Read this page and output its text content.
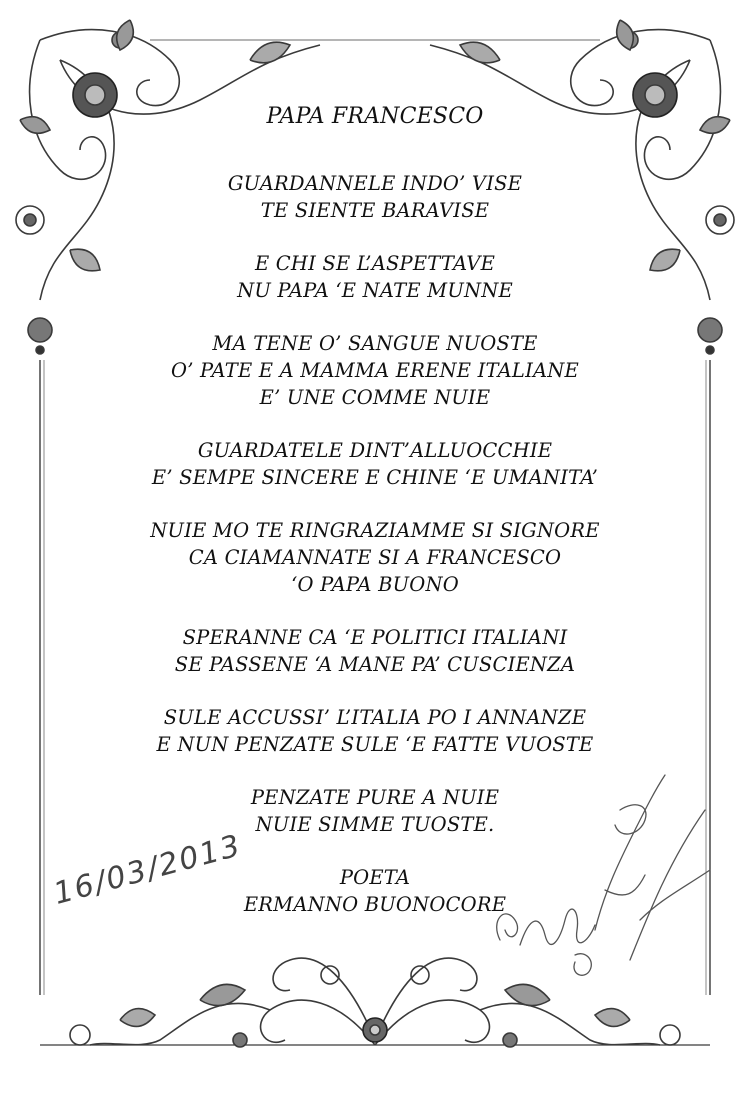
PAPA FRANCESCO
GUARDANNELE INDO’ VISE
TE SIENTE BARAVISE
E CHI SE L’ASPETTAVE
NU PAPA ‘E NATE MUNNE
MA TENE O’ SANGUE NUOSTE
O’ PATE E A MAMMA ERENE ITALIANE
E’ UNE COMME NUIE
GUARDATELE DINT’ALLUOCCHIE
E’ SEMPE SINCERE E CHINE ‘E UMANITA’
NUIE MO TE RINGRAZIAMME SI SIGNORE
CA CIAMANNATE SI A FRANCESCO
‘O PAPA BUONO
SPERANNE CA ‘E POLITICI ITALIANI
SE PASSENE ‘A MANE PA’ CUSCIENZA
SULE ACCUSSI’ L’ITALIA PO I ANNANZE
E NUN PENZATE SULE ‘E FATTE VUOSTE
PENZATE PURE A NUIE
NUIE SIMME TUOSTE.
POETA
ERMANNO BUONOCORE
16/03/2013
